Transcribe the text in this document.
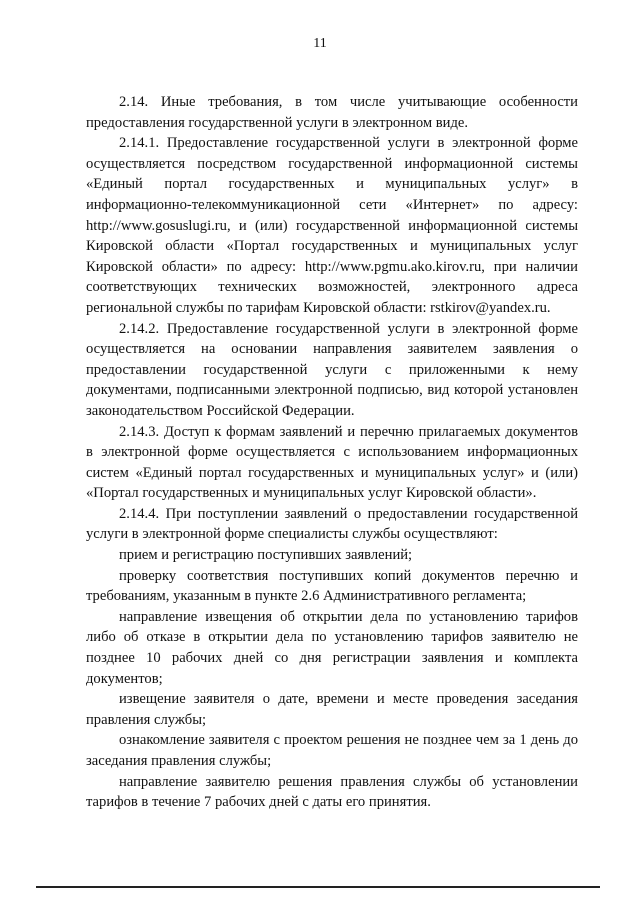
11

2.14. Иные требования, в том числе учитывающие особенности предоставления государственной услуги в электронном виде.

2.14.1. Предоставление государственной услуги в электронной форме осуществляется посредством государственной информационной системы «Единый портал государственных и муниципальных услуг» в информационно-телекоммуникационной сети «Интернет» по адресу: http://www.gosuslugi.ru, и (или) государственной информационной системы Кировской области «Портал государственных и муниципальных услуг Кировской области» по адресу: http://www.pgmu.ako.kirov.ru, при наличии соответствующих технических возможностей, электронного адреса региональной службы по тарифам Кировской области: rstkirov@yandex.ru.

2.14.2. Предоставление государственной услуги в электронной форме осуществляется на основании направления заявителем заявления о предоставлении государственной услуги с приложенными к нему документами, подписанными электронной подписью, вид которой установлен законодательством Российской Федерации.

2.14.3. Доступ к формам заявлений и перечню прилагаемых документов в электронной форме осуществляется с использованием информационных систем «Единый портал государственных и муниципальных услуг» и (или) «Портал государственных и муниципальных услуг Кировской области».

2.14.4. При поступлении заявлений о предоставлении государственной услуги в электронной форме специалисты службы осуществляют:

прием и регистрацию поступивших заявлений;

проверку соответствия поступивших копий документов перечню и требованиям, указанным в пункте 2.6 Административного регламента;

направление извещения об открытии дела по установлению тарифов либо об отказе в открытии дела по установлению тарифов заявителю не позднее 10 рабочих дней со дня регистрации заявления и комплекта документов;

извещение заявителя о дате, времени и месте проведения заседания правления службы;

ознакомление заявителя с проектом решения не позднее чем за 1 день до заседания правления службы;

направление заявителю решения правления службы об установлении тарифов в течение 7 рабочих дней с даты его принятия.
